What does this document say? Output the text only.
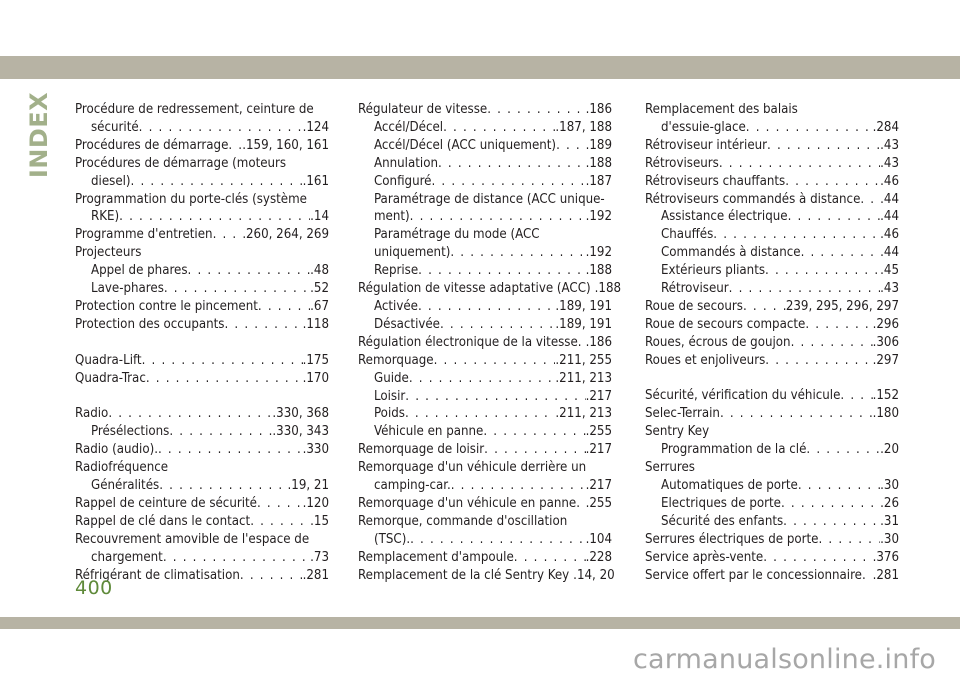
INDEX Procédure de redressement, ceinture de
sécurité . . .	.124
Procédures de démarrage . . . .159, 160, 161
Procédures de démarrage (moteurs
diesel) . . .	.161
Programmation du porte-clés (système
RKE) . . .	.14
Programme d'entretien . . .	260, 264, 269
Projecteurs
Appel de phares . . .	.48
Lave-phares . . .	.52
Protection contre le pincement . . .	.67
Protection des occupants . . .	.118
Quadra-Lift . . .	.175
Quadra-Trac . . .	.170
Radio . . .	.330, 368
Présélections . . .	.330, 343
Radio (audio). . . .	.330
Radiofréquence
Généralités . . .	.19, 21
Rappel de ceinture de sécurité . . .	.120
Rappel de clé dans le contact . . .	.15
Recouvrement amovible de l'espace de
chargement . . .	.73
Réfrigérant de climatisation . . .	.281
Régulateur de vitesse . . .	.186
Accél/Décel . . .	.187, 188
Accél/Décel (ACC uniquement) . . . .189
Annulation . . .	.188
Configuré . . .	.187
Paramétrage de distance (ACC unique-
ment) . . .	.192
Paramétrage du mode (ACC
uniquement) . . .	.192
Reprise . . .	.188
Régulation de vitesse adaptative (ACC) .188
Activée . . .	.189, 191
Désactivée . . .	.189, 191
Régulation électronique de la vitesse . . . .186
Remorquage . . .	.211, 255
Guide . . .	.211, 213
Loisir . . .	.217
Poids . . .	.211, 213
Véhicule en panne . . .	.255
Remorquage de loisir . . .	.217
Remorquage d'un véhicule derrière un
camping-car. . . .	.217
Remorquage d'un véhicule en panne . . . .255
Remorque, commande d'oscillation
(TSC). . . .	.104
Remplacement d'ampoule . . .	.228
Remplacement de la clé Sentry Key .14, 20
Remplacement des balais
d'essuie-glace . . .	.284
Rétroviseur intérieur . . .	.43
Rétroviseurs . . .	.43
Rétroviseurs chauffants . . .	.46
Rétroviseurs commandés à distance . . . .44
Assistance électrique . . .	.44
Chauffés . . .	.46
Commandés à distance . . .	.44
Extérieurs pliants . . .	.45
Rétroviseur . . .	.43
Roue de secours . . .	239, 295, 296, 297
Roue de secours compacte . . .	.296
Roues, écrous de goujon . . .	.306
Roues et enjoliveurs . . .	.297
Sécurité, vérification du véhicule . . . .152
Selec-Terrain . . .	.180
Sentry Key
Programmation de la clé . . .	.20
Serrures
Automatiques de porte . . .	.30
Electriques de porte . . .	.26
Sécurité des enfants . . .	.31
Serrures électriques de porte . . .	.30
Service après-vente . . .	.376
Service offert par le concessionnaire . . . .281
400
carmanualsonline.info
